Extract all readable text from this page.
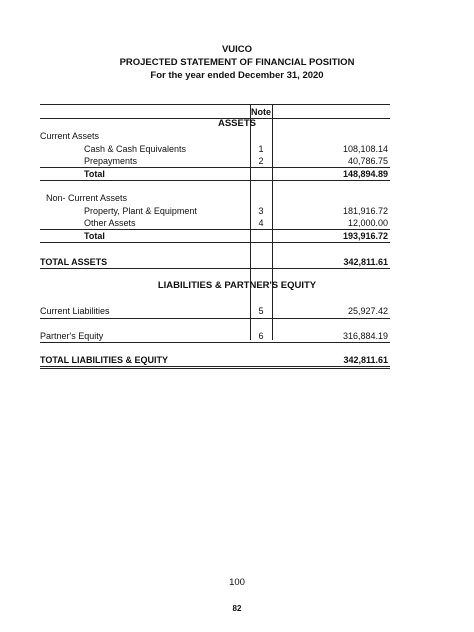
VUICO
PROJECTED STATEMENT OF FINANCIAL POSITION
For the year ended December 31, 2020
Note
ASSETS
Current Assets
Cash & Cash Equivalents	1	108,108.14
Prepayments	2	40,786.75
Total	148,894.89
Non- Current Assets
Property, Plant & Equipment	3	181,916.72
Other Assets	4	12,000.00
Total	193,916.72
TOTAL ASSETS	342,811.61
LIABILITIES & PARTNER'S EQUITY
Current Liabilities	5	25,927.42
Partner's Equity	6	316,884.19
TOTAL LIABILITIES & EQUITY	342,811.61
100
82
